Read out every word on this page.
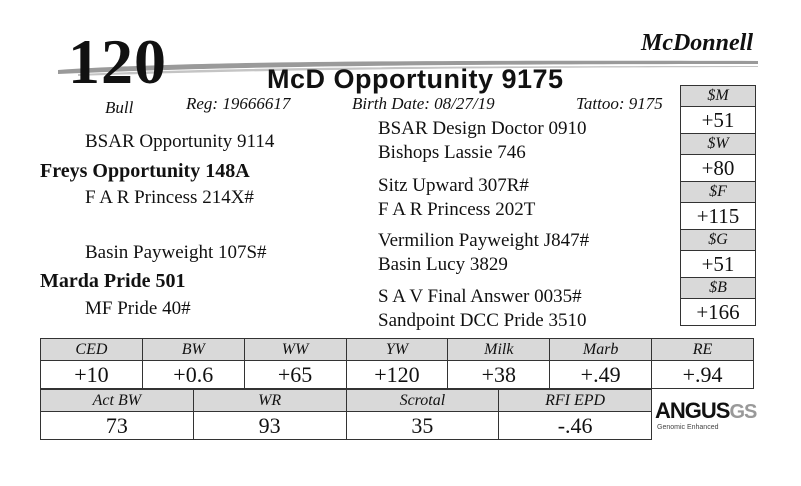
120	McDonnell
McD Opportunity 9175
Bull	Reg: 19666617	Birth Date: 08/27/19	Tattoo: 9175
BSAR Opportunity 9114
Freys Opportunity 148A
F A R Princess 214X#
Basin Payweight 107S#
Marda Pride 501
MF Pride 40#
BSAR Design Doctor 0910
Bishops Lassie 746
Sitz Upward 307R#
F A R Princess 202T
Vermilion Payweight J847#
Basin Lucy 3829
S A V Final Answer 0035#
Sandpoint DCC Pride 3510
$M
+51
$W
+80
$F
+115
$G
+51
$B
+166
CED	BW	WW	YW	Milk	Marb	RE
+10	+0.6	+65	+120	+38	+.49	+.94
Act BW	WR	Scrotal	RFI EPD
73	93	35	-.46
ANGUSGS
Genomic Enhanced
